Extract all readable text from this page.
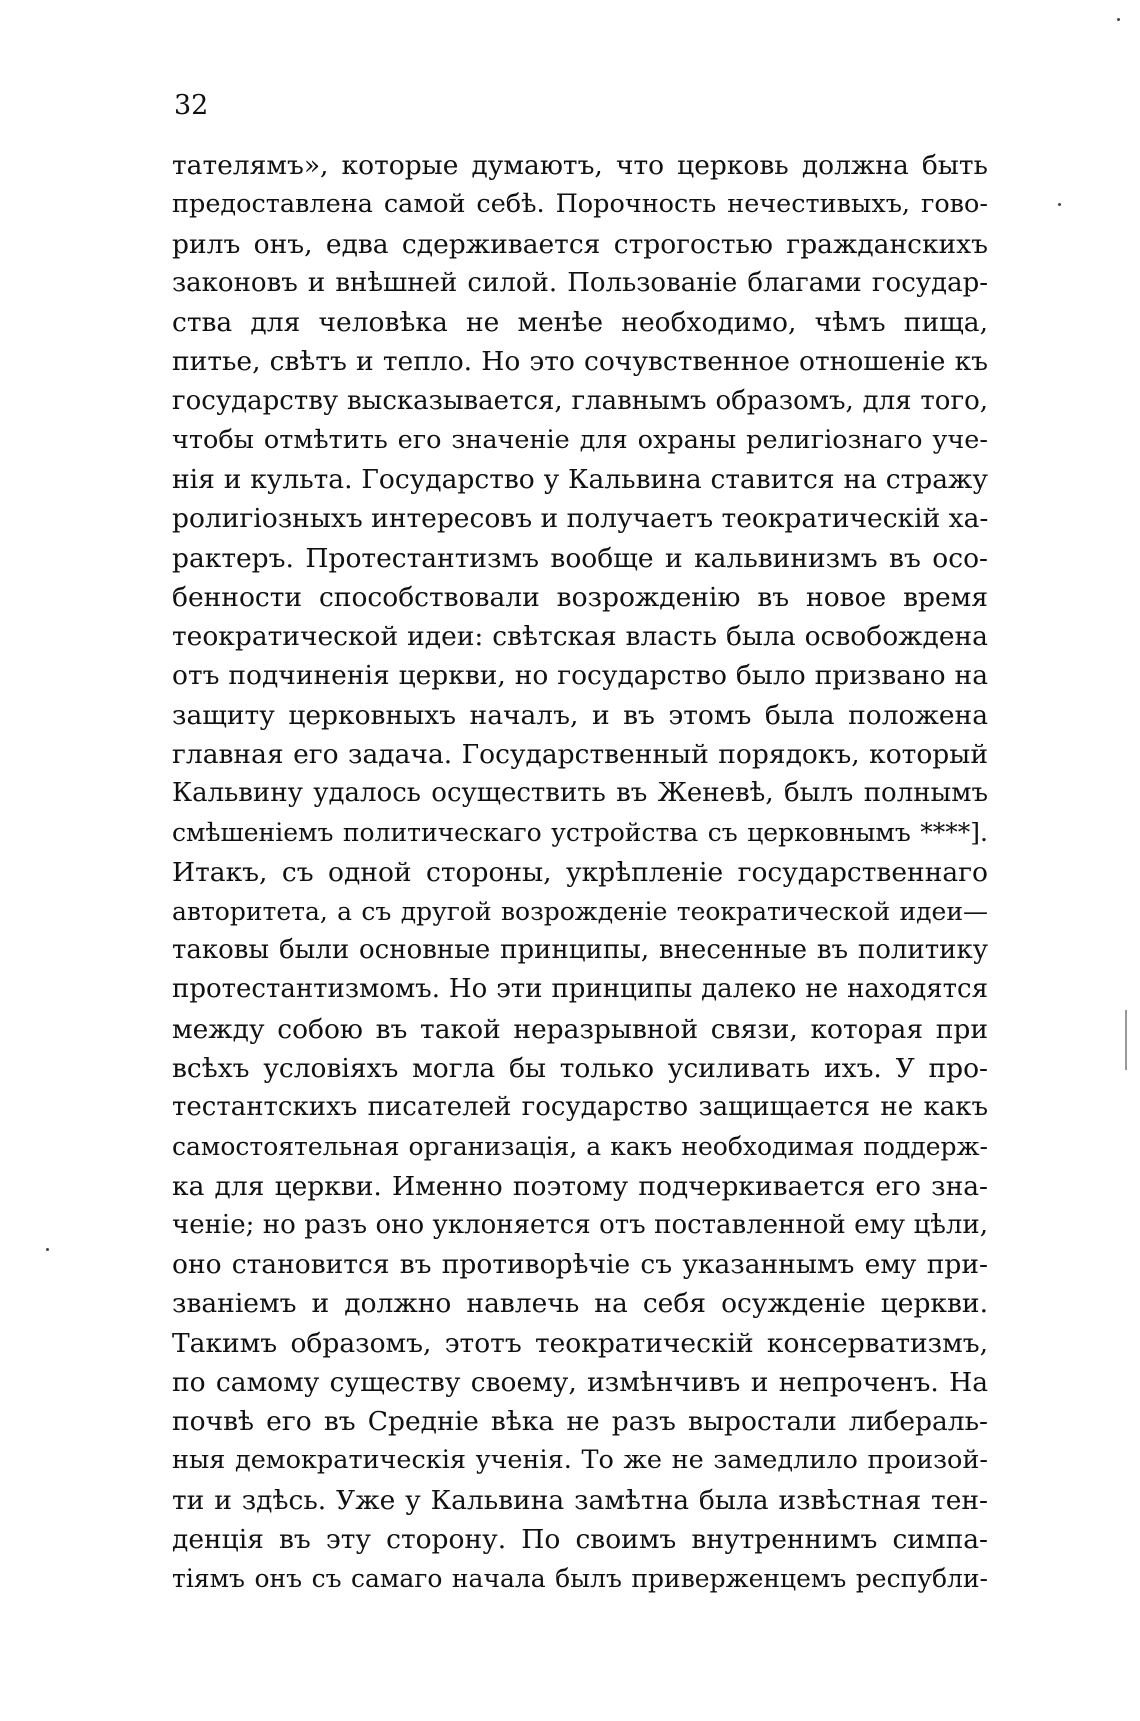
32
тателямъ», которые думаютъ, что церковь должна быть
предоставлена самой себѣ. Порочность нечестивыхъ, гово-
рилъ онъ, едва сдерживается строгостью гражданскихъ
законовъ и внѣшней силой. Пользованіе благами государ-
ства для человѣка не менѣе необходимо, чѣмъ пища,
питье, свѣтъ и тепло. Но это сочувственное отношеніе къ
государству высказывается, главнымъ образомъ, для того,
чтобы отмѣтить его значеніе для охраны религіознаго уче-
нія и культа. Государство у Кальвина ставится на стражу
ролигіозныхъ интересовъ и получаетъ теократическій ха-
рактеръ. Протестантизмъ вообще и кальвинизмъ въ осо-
бенности способствовали возрожденію въ новое время
теократической идеи: свѣтская власть была освобождена
отъ подчиненія церкви, но государство было призвано на
защиту церковныхъ началъ, и въ этомъ была положена
главная его задача. Государственный порядокъ, который
Кальвину удалось осуществить въ Женевѣ, былъ полнымъ
смѣшеніемъ политическаго устройства съ церковнымъ ****].
Итакъ, съ одной стороны, укрѣпленіе государственнаго
авторитета, а съ другой возрожденіе теократической идеи—
таковы были основные принципы, внесенные въ политику
протестантизмомъ. Но эти принципы далеко не находятся
между собою въ такой неразрывной связи, которая при
всѣхъ условіяхъ могла бы только усиливать ихъ. У про-
тестантскихъ писателей государство защищается не какъ
самостоятельная организація, а какъ необходимая поддерж-
ка для церкви. Именно поэтому подчеркивается его зна-
ченіе; но разъ оно уклоняется отъ поставленной ему цѣли,
оно становится въ противорѣчіе съ указаннымъ ему при-
званіемъ и должно навлечь на себя осужденіе церкви.
Такимъ образомъ, этотъ теократическій консерватизмъ,
по самому существу своему, измѣнчивъ и непроченъ. На
почвѣ его въ Средніе вѣка не разъ выростали либераль-
ныя демократическія ученія. То же не замедлило произой-
ти и здѣсь. Уже у Кальвина замѣтна была извѣстная тен-
денція въ эту сторону. По своимъ внутреннимъ симпа-
тіямъ онъ съ самаго начала былъ приверженцемъ республи-
